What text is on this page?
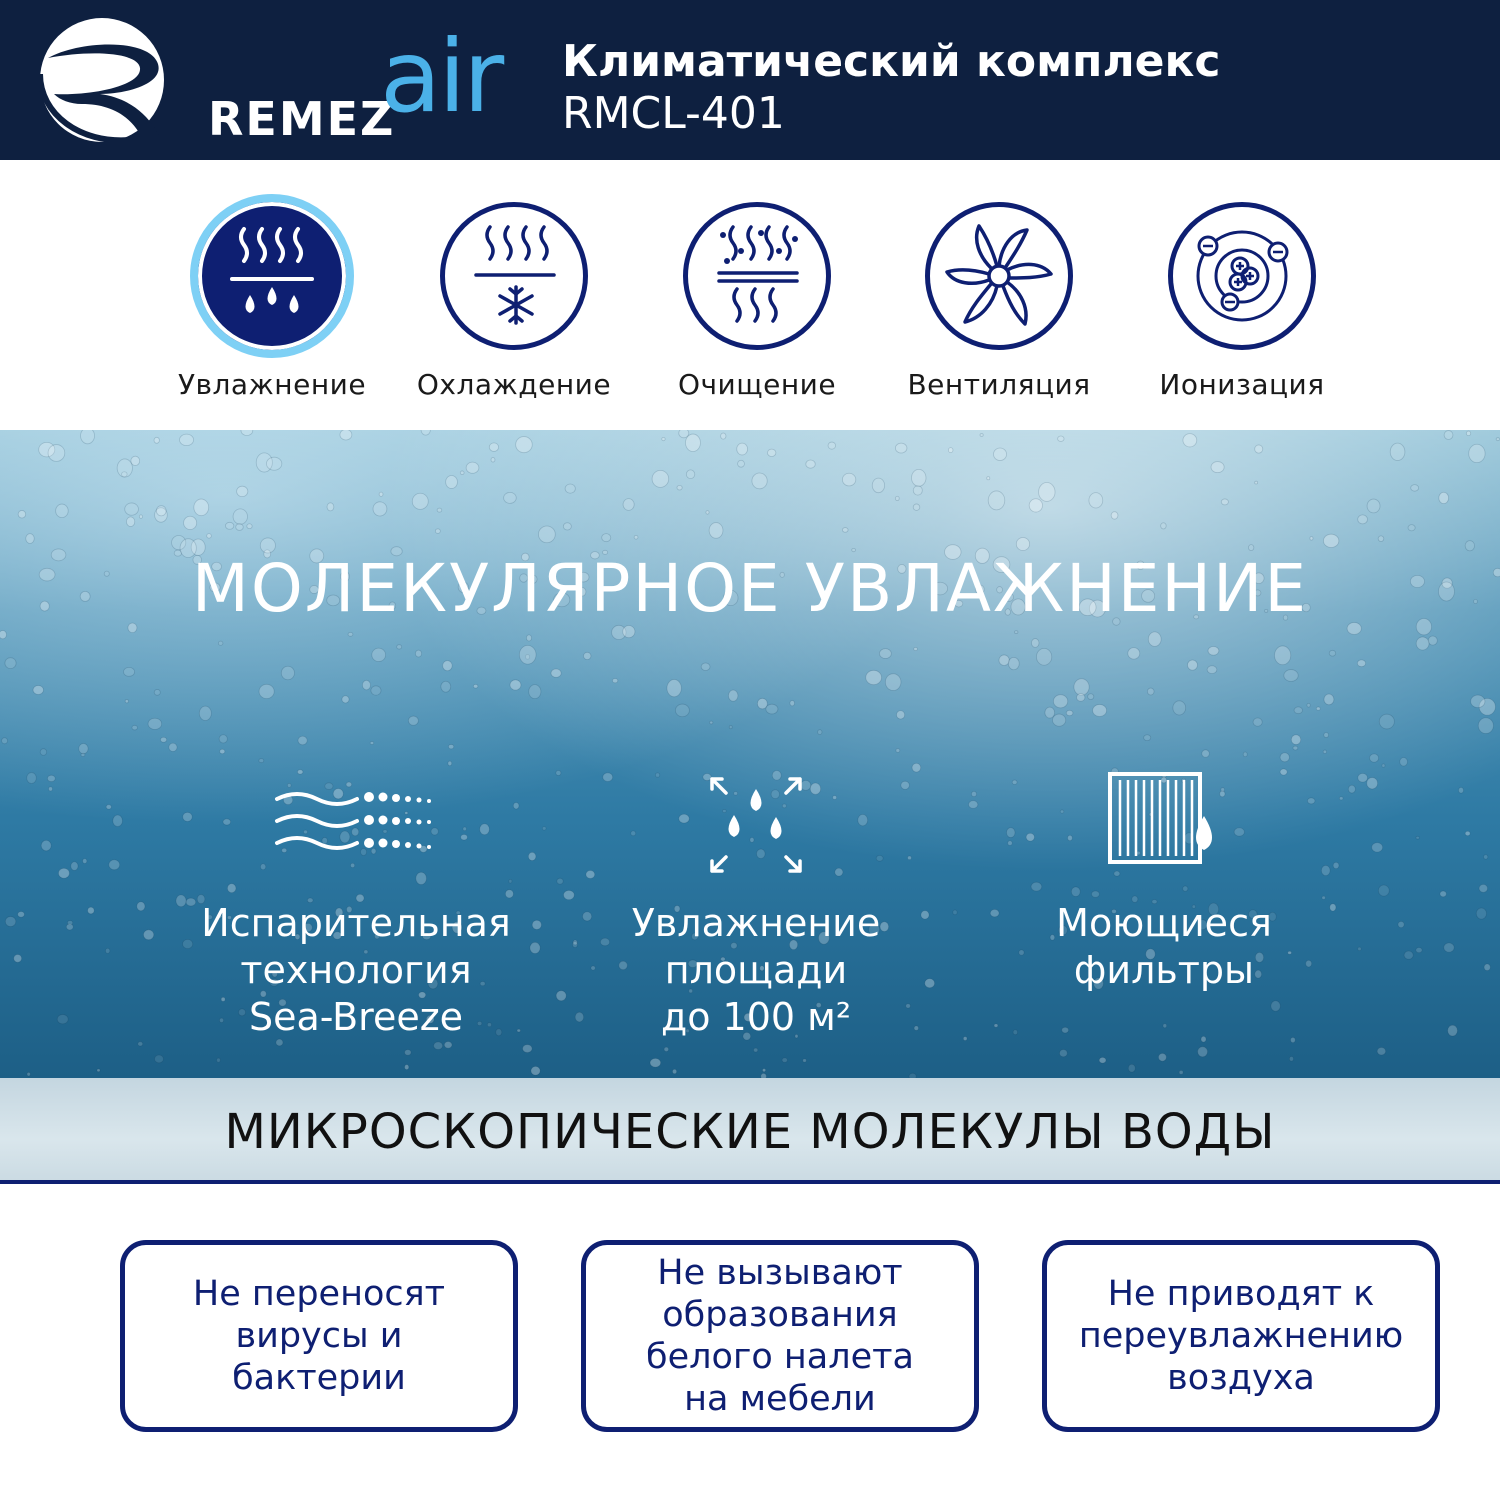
REMEZ
air Климатический комплекс
RMCL-401
Увлажнение	Охлаждение	Очищение	Вентиляция	Ионизация
МОЛЕКУЛЯРНОЕ УВЛАЖНЕНИЕ
Испарительная
технология
Sea-Breeze
Увлажнение
площади
до 100 м²
Моющиеся
фильтры
МИКРОСКОПИЧЕСКИЕ МОЛЕКУЛЫ ВОДЫ
Не переносят
вирусы и
бактерии
Не вызывают
образования
белого налета
на мебели
Не приводят к
переувлажнению
воздуха
